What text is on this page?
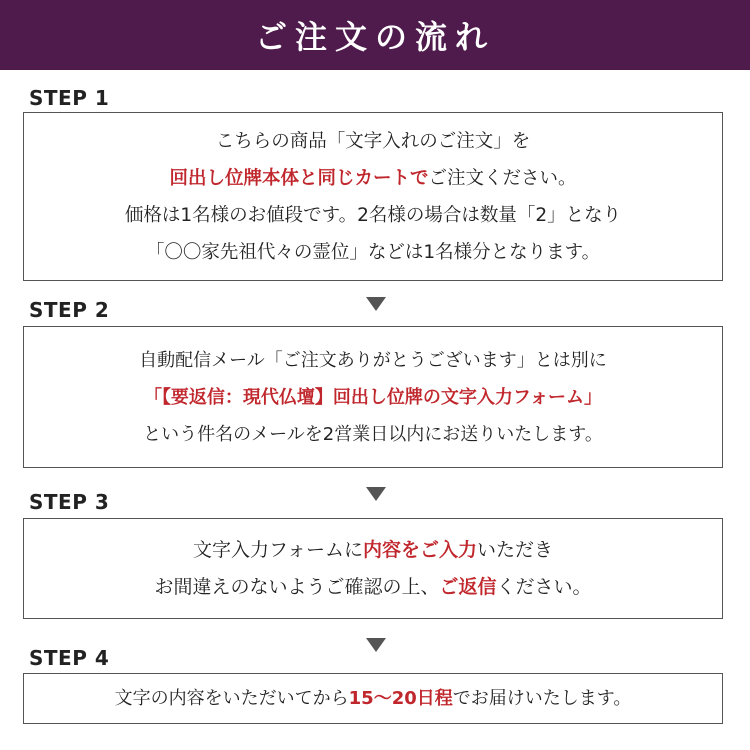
ご注文の流れ
STEP 1
こちらの商品「文字入れのご注文」を
回出し位牌本体と同じカートでご注文ください。
価格は1名様のお値段です。2名様の場合は数量「2」となり
「〇〇家先祖代々の霊位」などは1名様分となります。
STEP 2
自動配信メール「ご注文ありがとうございます」とは別に
「【要返信：現代仏壇】回出し位牌の文字入力フォーム」
という件名のメールを2営業日以内にお送りいたします。
STEP 3
文字入力フォームに内容をご入力いただき
お間違えのないようご確認の上、ご返信ください。
STEP 4
文字の内容をいただいてから15〜20日程でお届けいたします。
